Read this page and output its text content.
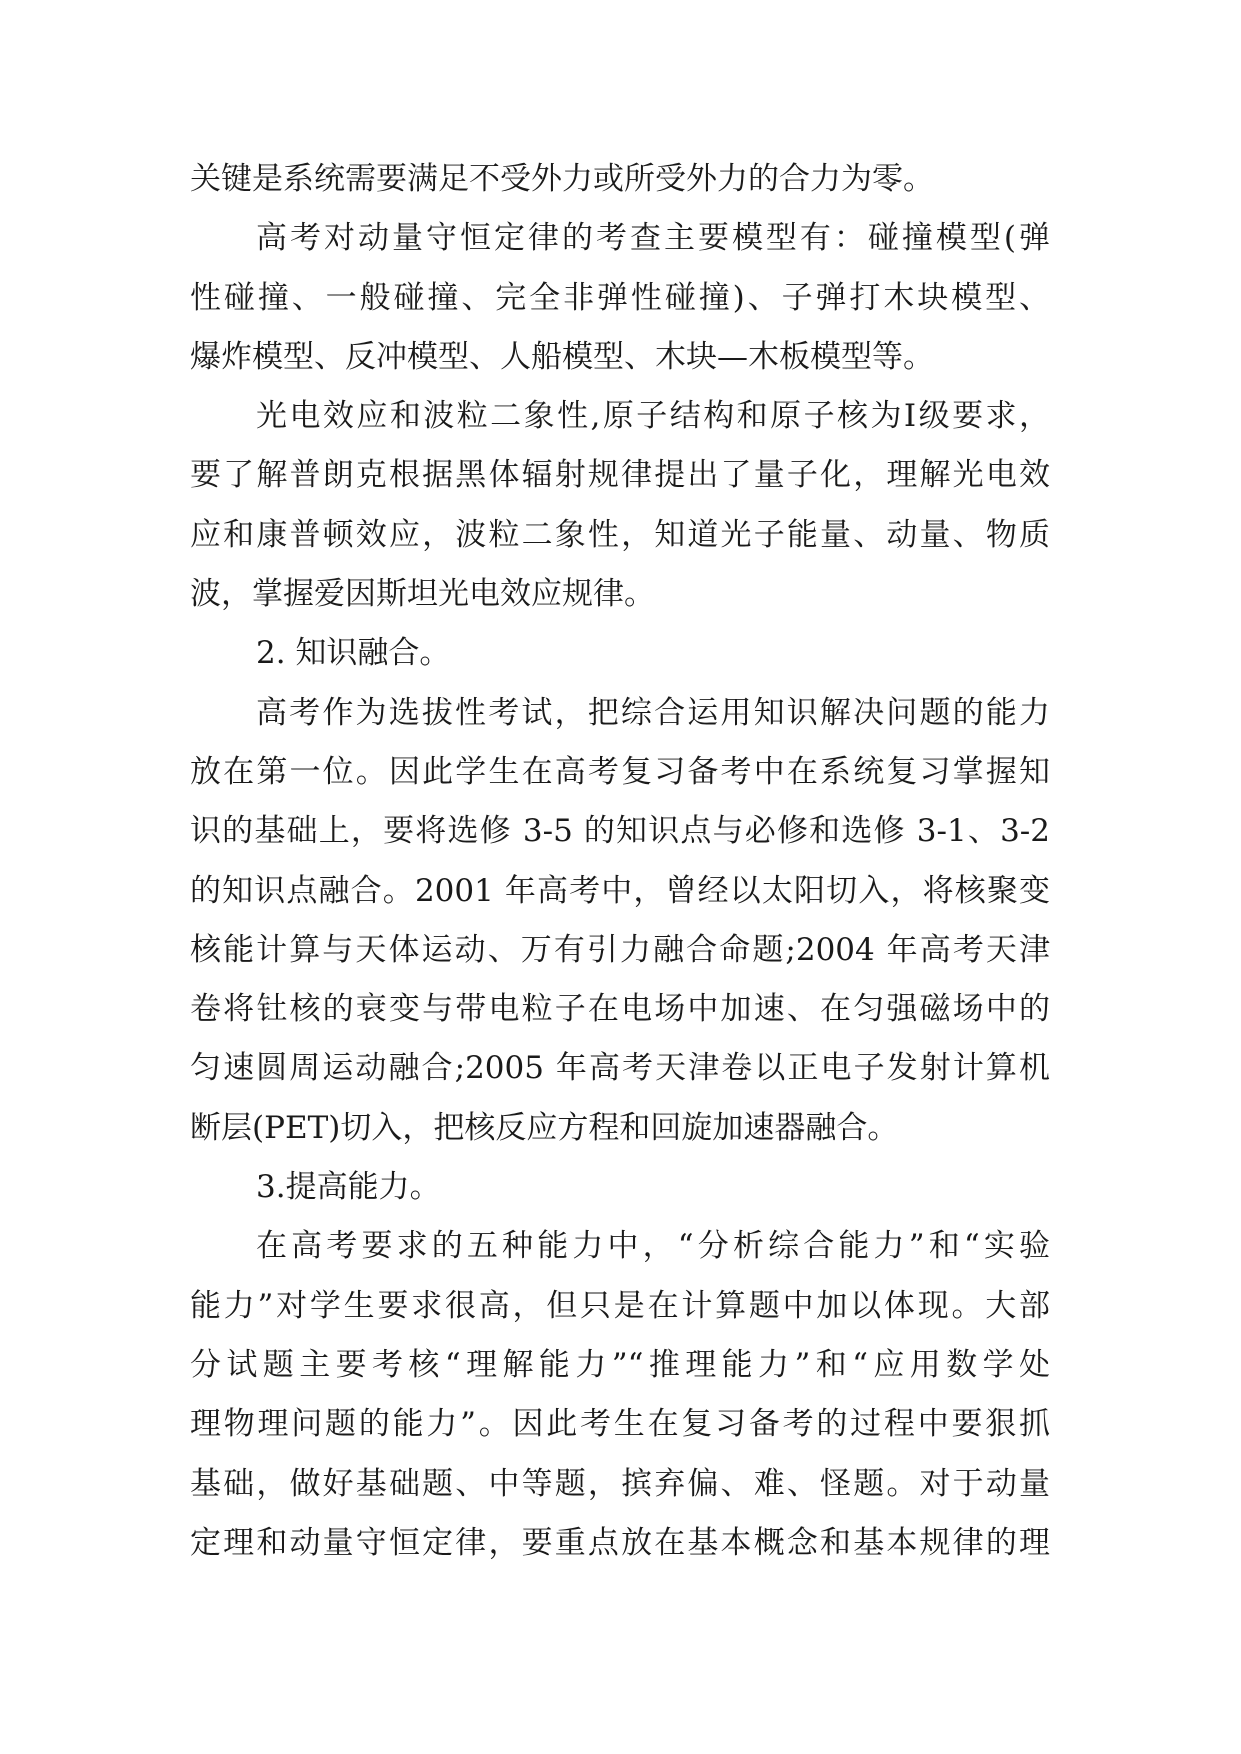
关键是系统需要满足不受外力或所受外力的合力为零。
高考对动量守恒定律的考查主要模型有：碰撞模型(弹
性碰撞、一般碰撞、完全非弹性碰撞)、子弹打木块模型、
爆炸模型、反冲模型、人船模型、木块—木板模型等。
光电效应和波粒二象性,原子结构和原子核为Ⅰ级要求，
要了解普朗克根据黑体辐射规律提出了量子化，理解光电效
应和康普顿效应，波粒二象性，知道光子能量、动量、物质
波，掌握爱因斯坦光电效应规律。
2. 知识融合。
高考作为选拔性考试，把综合运用知识解决问题的能力
放在第一位。因此学生在高考复习备考中在系统复习掌握知
识的基础上，要将选修 3-5 的知识点与必修和选修 3-1、3-2
的知识点融合。2001 年高考中，曾经以太阳切入，将核聚变
核能计算与天体运动、万有引力融合命题;2004 年高考天津
卷将钍核的衰变与带电粒子在电场中加速、在匀强磁场中的
匀速圆周运动融合;2005 年高考天津卷以正电子发射计算机
断层(PET)切入，把核反应方程和回旋加速器融合。
3.提高能力。
在高考要求的五种能力中，“分析综合能力”和“实验
能力”对学生要求很高，但只是在计算题中加以体现。大部
分试题主要考核“理解能力”“推理能力”和“应用数学处
理物理问题的能力”。因此考生在复习备考的过程中要狠抓
基础，做好基础题、中等题，摈弃偏、难、怪题。对于动量
定理和动量守恒定律，要重点放在基本概念和基本规律的理
